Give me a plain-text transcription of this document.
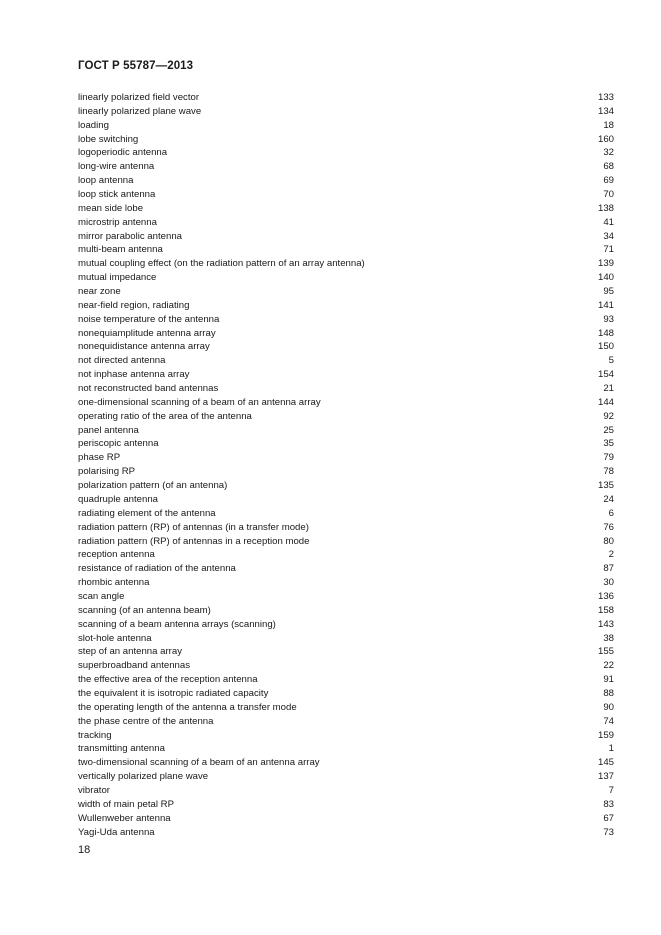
ГОСТ Р 55787—2013
linearly polarized field vector	133
linearly polarized plane wave	134
loading	18
lobe switching	160
logoperiodic antenna	32
long-wire antenna	68
loop antenna	69
loop stick antenna	70
mean side lobe	138
microstrip antenna	41
mirror parabolic antenna	34
multi-beam antenna	71
mutual coupling effect (on the radiation pattern of an array antenna)	139
mutual impedance	140
near zone	95
near-field region, radiating	141
noise temperature of the antenna	93
nonequiamplitude antenna array	148
nonequidistance antenna array	150
not directed antenna	5
not inphase antenna array	154
not reconstructed band antennas	21
one-dimensional scanning of a beam of an antenna array	144
operating ratio of the area of the antenna	92
panel antenna	25
periscopic antenna	35
phase RP	79
polarising RP	78
polarization pattern (of an antenna)	135
quadruple antenna	24
radiating element of the antenna	6
radiation pattern (RP) of antennas (in a transfer mode)	76
radiation pattern (RP) of antennas in a reception mode	80
reception antenna	2
resistance of radiation of the antenna	87
rhombic antenna	30
scan angle	136
scanning (of an antenna beam)	158
scanning of a beam antenna arrays (scanning)	143
slot-hole antenna	38
step of an antenna array	155
superbroadband antennas	22
the effective area of the reception antenna	91
the equivalent it is isotropic radiated capacity	88
the operating length of the antenna a transfer mode	90
the phase centre of the antenna	74
tracking	159
transmitting antenna	1
two-dimensional scanning of a beam of an antenna array	145
vertically polarized plane wave	137
vibrator	7
width of main petal RP	83
Wullenweber antenna	67
Yagi-Uda antenna	73
18
